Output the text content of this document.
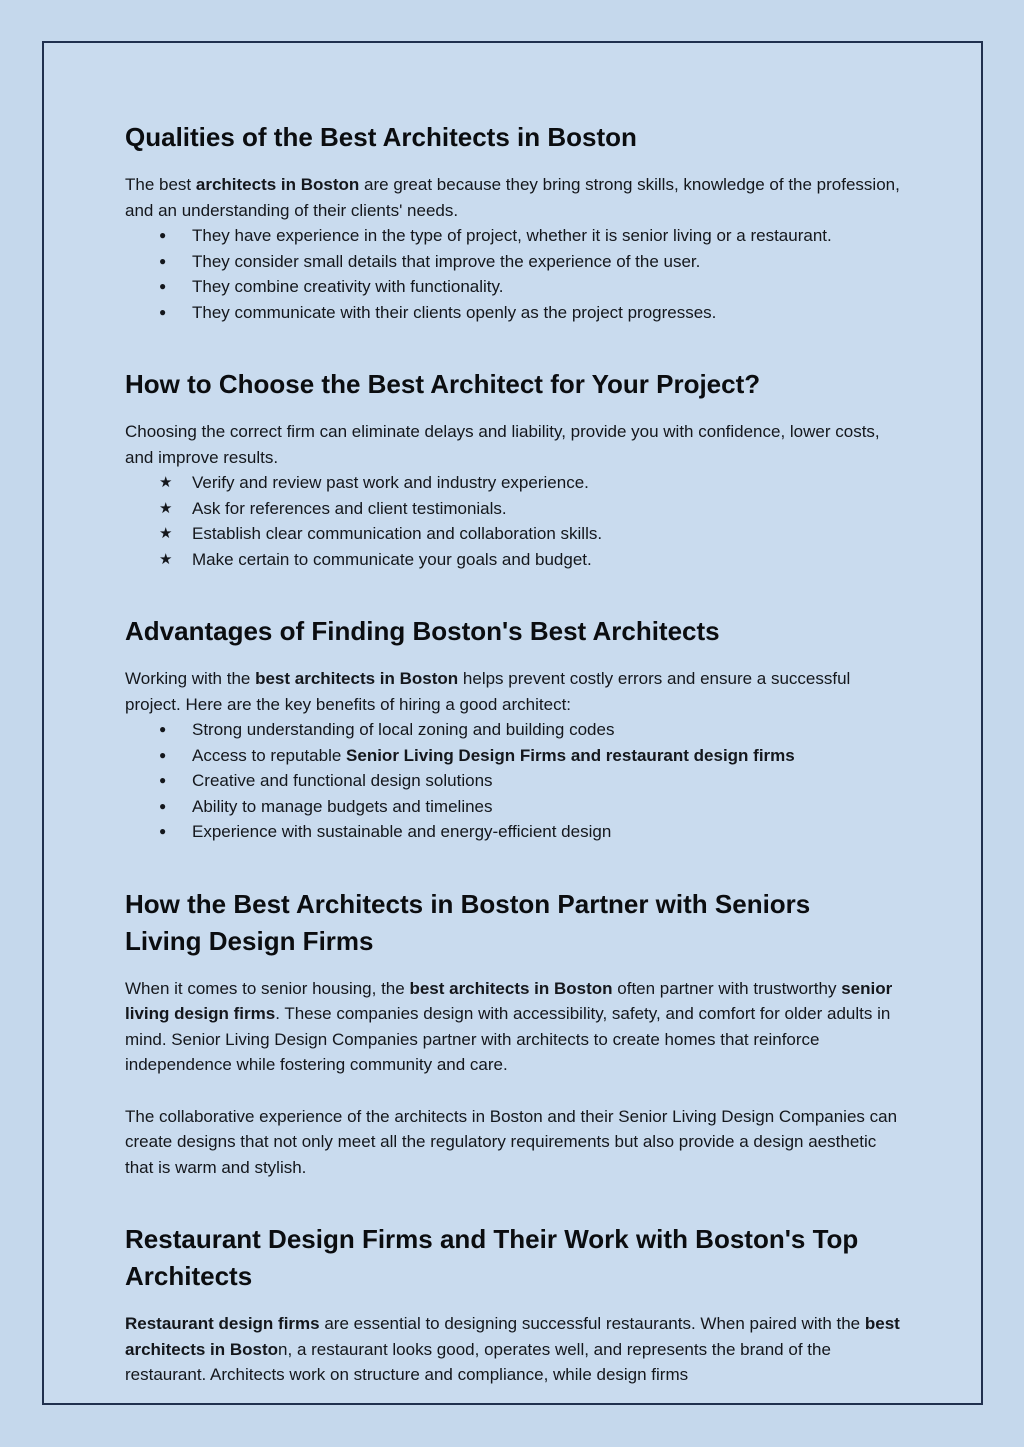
Qualities of the Best Architects in Boston

The best architects in Boston are great because they bring strong skills, knowledge of the profession, and an understanding of their clients' needs.

●	They have experience in the type of project, whether it is senior living or a restaurant.
●	They consider small details that improve the experience of the user.
●	They combine creativity with functionality.
●	They communicate with their clients openly as the project progresses.
How to Choose the Best Architect for Your Project?

Choosing the correct firm can eliminate delays and liability, provide you with confidence, lower costs, and improve results.

★	Verify and review past work and industry experience.
★	Ask for references and client testimonials.
★	Establish clear communication and collaboration skills.
★	Make certain to communicate your goals and budget.
Advantages of Finding Boston's Best Architects

Working with the best architects in Boston helps prevent costly errors and ensure a successful project. Here are the key benefits of hiring a good architect:

●	Strong understanding of local zoning and building codes
●	Access to reputable Senior Living Design Firms and restaurant design firms
●	Creative and functional design solutions
●	Ability to manage budgets and timelines
●	Experience with sustainable and energy-efficient design
How the Best Architects in Boston Partner with Seniors Living Design Firms

When it comes to senior housing, the best architects in Boston often partner with trustworthy senior living design firms. These companies design with accessibility, safety, and comfort for older adults in mind. Senior Living Design Companies partner with architects to create homes that reinforce independence while fostering community and care.

The collaborative experience of the architects in Boston and their Senior Living Design Companies can create designs that not only meet all the regulatory requirements but also provide a design aesthetic that is warm and stylish.

Restaurant Design Firms and Their Work with Boston's Top Architects

Restaurant design firms are essential to designing successful restaurants. When paired with the best architects in Boston, a restaurant looks good, operates well, and represents the brand of the restaurant. Architects work on structure and compliance, while design firms
